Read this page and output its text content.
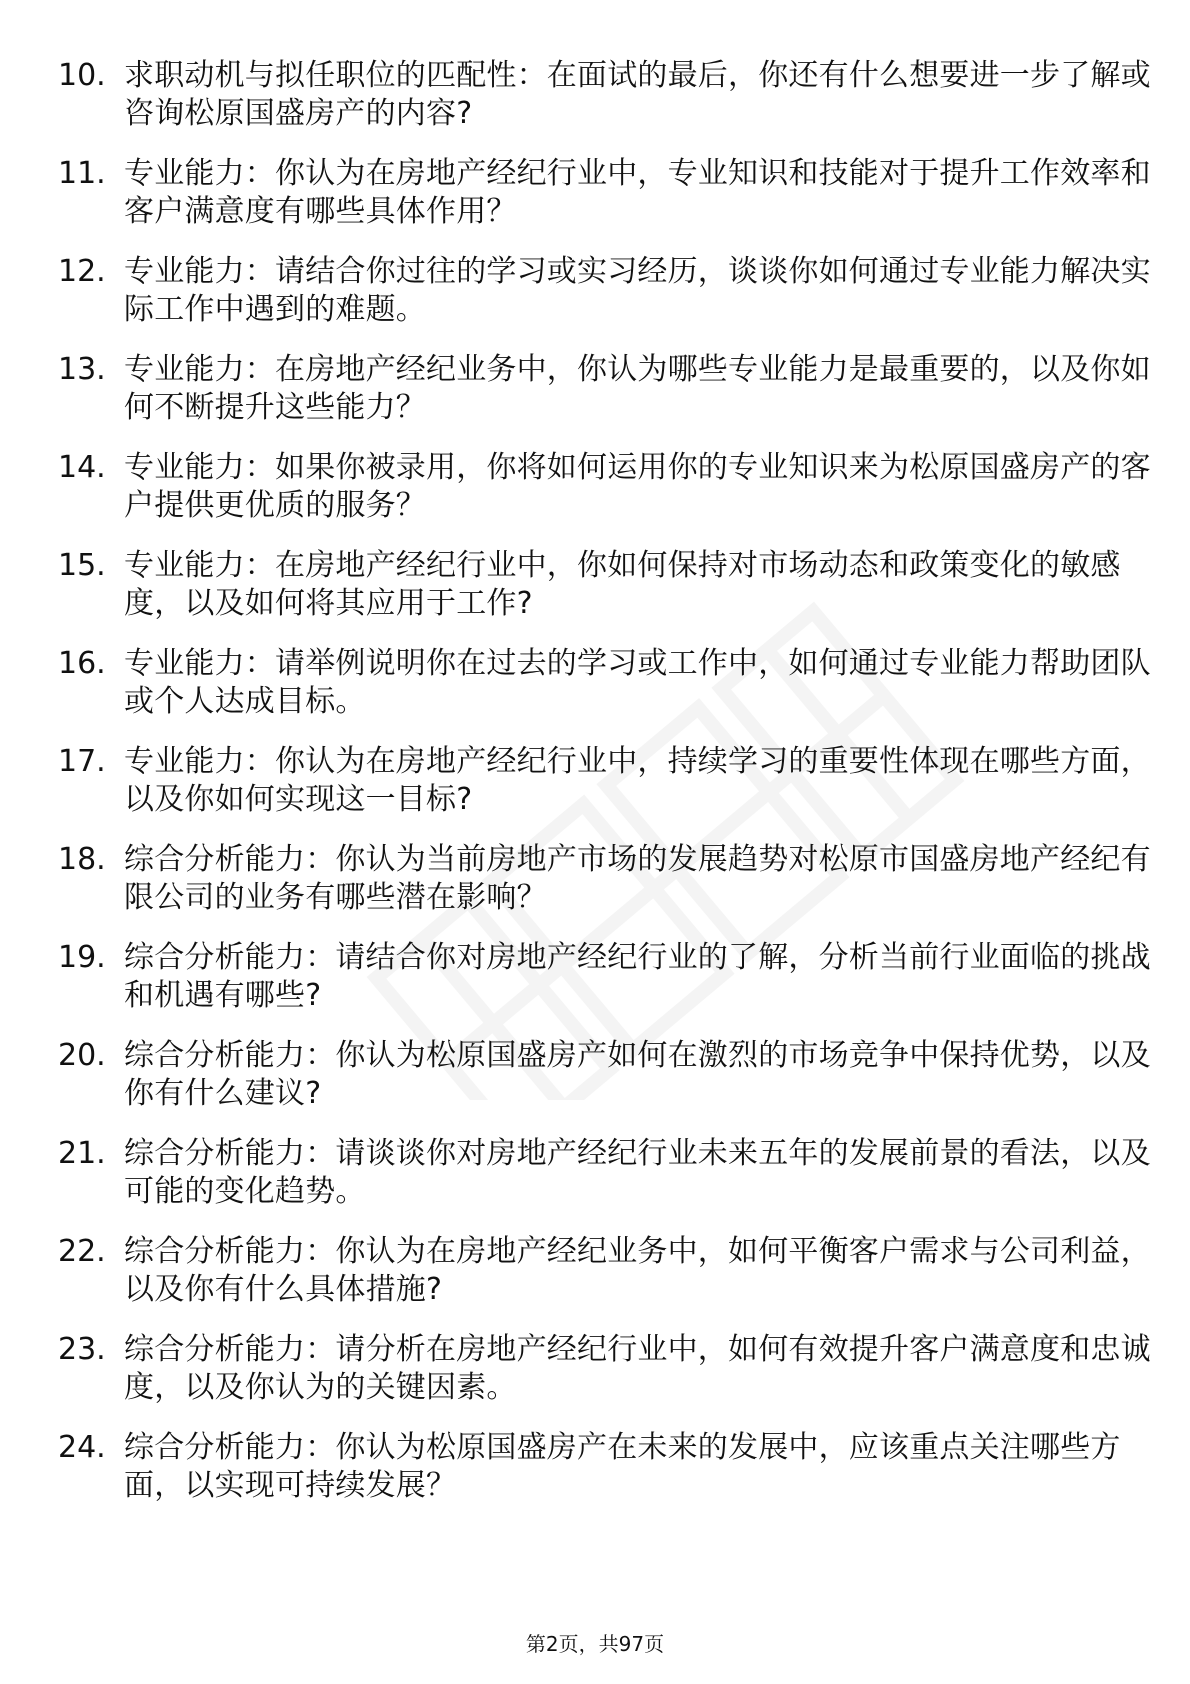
10. 求职动机与拟任职位的匹配性：在面试的最后，你还有什么想要进一步了解或咨询松原国盛房产的内容?
11. 专业能力：你认为在房地产经纪行业中，专业知识和技能对于提升工作效率和客户满意度有哪些具体作用？
12. 专业能力：请结合你过往的学习或实习经历，谈谈你如何通过专业能力解决实际工作中遇到的难题。
13. 专业能力：在房地产经纪业务中，你认为哪些专业能力是最重要的，以及你如何不断提升这些能力？
14. 专业能力：如果你被录用，你将如何运用你的专业知识来为松原国盛房产的客户提供更优质的服务？
15. 专业能力：在房地产经纪行业中，你如何保持对市场动态和政策变化的敏感度，以及如何将其应用于工作?
16. 专业能力：请举例说明你在过去的学习或工作中，如何通过专业能力帮助团队或个人达成目标。
17. 专业能力：你认为在房地产经纪行业中，持续学习的重要性体现在哪些方面，以及你如何实现这一目标?
18. 综合分析能力：你认为当前房地产市场的发展趋势对松原市国盛房地产经纪有限公司的业务有哪些潜在影响？
19. 综合分析能力：请结合你对房地产经纪行业的了解，分析当前行业面临的挑战和机遇有哪些?
20. 综合分析能力：你认为松原国盛房产如何在激烈的市场竞争中保持优势，以及你有什么建议?
21. 综合分析能力：请谈谈你对房地产经纪行业未来五年的发展前景的看法，以及可能的变化趋势。
22. 综合分析能力：你认为在房地产经纪业务中，如何平衡客户需求与公司利益，以及你有什么具体措施?
23. 综合分析能力：请分析在房地产经纪行业中，如何有效提升客户满意度和忠诚度，以及你认为的关键因素。
24. 综合分析能力：你认为松原国盛房产在未来的发展中，应该重点关注哪些方面，以实现可持续发展？
第2页，共97页
